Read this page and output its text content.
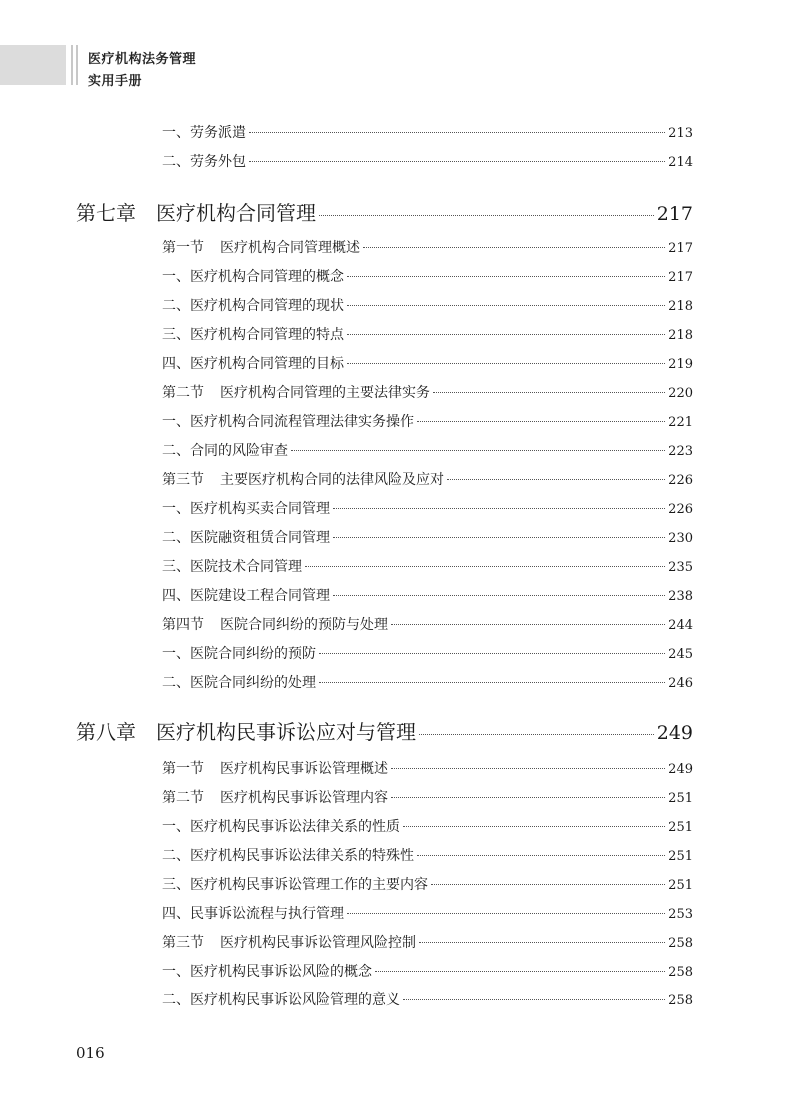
医疗机构法务管理
实用手册
一、劳务派遣	213
二、劳务外包	214
第七章 医疗机构合同管理	217
第一节 医疗机构合同管理概述	217
一、医疗机构合同管理的概念	217
二、医疗机构合同管理的现状	218
三、医疗机构合同管理的特点	218
四、医疗机构合同管理的目标	219
第二节 医疗机构合同管理的主要法律实务	220
一、医疗机构合同流程管理法律实务操作	221
二、合同的风险审查	223
第三节 主要医疗机构合同的法律风险及应对	226
一、医疗机构买卖合同管理	226
二、医院融资租赁合同管理	230
三、医院技术合同管理	235
四、医院建设工程合同管理	238
第四节 医院合同纠纷的预防与处理	244
一、医院合同纠纷的预防	245
二、医院合同纠纷的处理	246
第八章 医疗机构民事诉讼应对与管理	249
第一节 医疗机构民事诉讼管理概述	249
第二节 医疗机构民事诉讼管理内容	251
一、医疗机构民事诉讼法律关系的性质	251
二、医疗机构民事诉讼法律关系的特殊性	251
三、医疗机构民事诉讼管理工作的主要内容	251
四、民事诉讼流程与执行管理	253
第三节 医疗机构民事诉讼管理风险控制	258
一、医疗机构民事诉讼风险的概念	258
二、医疗机构民事诉讼风险管理的意义	258
016
